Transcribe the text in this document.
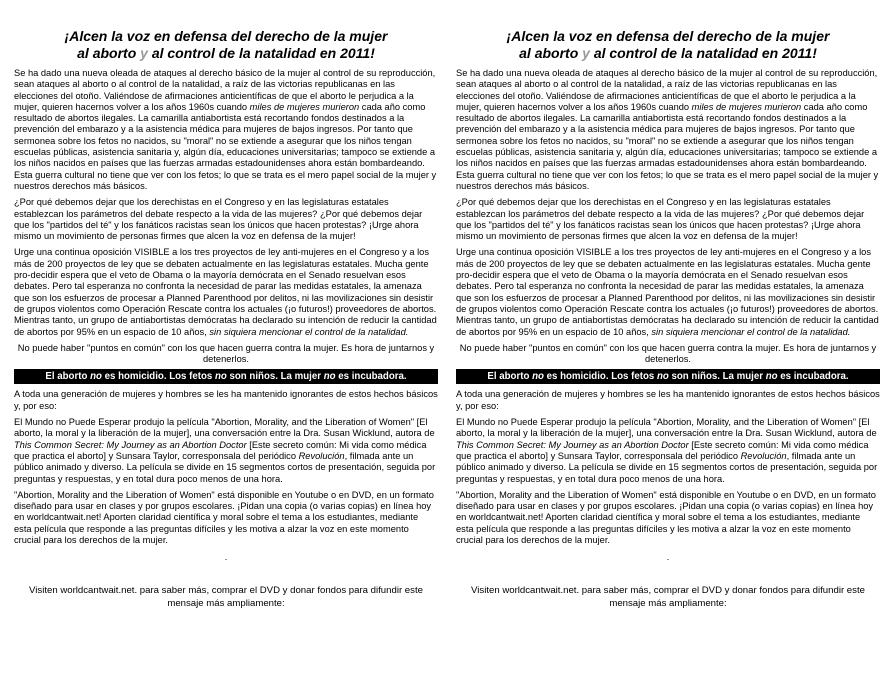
¡Alcen la voz en defensa del derecho de la mujer
al aborto y al control de la natalidad en 2011!

Se ha dado una nueva oleada de ataques al derecho básico de la mujer al control de su reproducción, sean ataques al aborto o al control de la natalidad, a raíz de las victorias republicanas en las elecciones del otoño. Valiéndose de afirmaciones anticientíficas de que el aborto le perjudica a la mujer, quieren hacernos volver a los años 1960s cuando miles de mujeres murieron cada año como resultado de abortos ilegales. La camarilla antiabortista está recortando fondos destinados a la prevención del embarazo y a la asistencia médica para mujeres de bajos ingresos. Por tanto que sermonea sobre los fetos no nacidos, su "moral" no se extiende a asegurar que los niños tengan escuelas públicas, asistencia sanitaria y, algún día, educaciones universitarias; tampoco se extiende a los niños nacidos en países que las fuerzas armadas estadounidenses ahora están bombardeando. Esta guerra cultural no tiene que ver con los fetos; lo que se trata es el mero papel social de la mujer y nuestros derechos más básicos.

¿Por qué debemos dejar que los derechistas en el Congreso y en las legislaturas estatales establezcan los parámetros del debate respecto a la vida de las mujeres? ¿Por qué debemos dejar que los "partidos del té" y los fanáticos racistas sean los únicos que hacen protestas? ¡Urge ahora mismo un movimiento de personas firmes que alcen la voz en defensa de la mujer!

Urge una continua oposición VISIBLE a los tres proyectos de ley anti-mujeres en el Congreso y a los más de 200 proyectos de ley que se debaten actualmente en las legislaturas estatales. Mucha gente pro-decidir espera que el veto de Obama o la mayoría demócrata en el Senado resuelvan esos debates. Pero tal esperanza no confronta la necesidad de parar las medidas estatales, la amenaza que son los esfuerzos de procesar a Planned Parenthood por delitos, ni las movilizaciones sin desistir de grupos violentos como Operación Rescate contra los actuales (¡o futuros!) proveedores de abortos. Mientras tanto, un grupo de antiabortistas demócratas ha declarado su intención de reducir la cantidad de abortos por 95% en un espacio de 10 años, sin siquiera mencionar el control de la natalidad.

No puede haber "puntos en común" con los que hacen guerra contra la mujer. Es hora de juntarnos y detenerlos.

El aborto no es homicidio. Los fetos no son niños. La mujer no es incubadora.

A toda una generación de mujeres y hombres se les ha mantenido ignorantes de estos hechos básicos y, por eso:

El Mundo no Puede Esperar produjo la película "Abortion, Morality, and the Liberation of Women" [El aborto, la moral y la liberación de la mujer], una conversación entre la Dra. Susan Wicklund, autora de This Common Secret: My Journey as an Abortion Doctor [Este secreto común: Mi vida como médica que practica el aborto] y Sunsara Taylor, corresponsala del periódico Revolución, filmada ante un público animado y diverso. La película se divide en 15 segmentos cortos de presentación, seguida por preguntas y respuestas, y en total dura poco menos de una hora.

"Abortion, Morality and the Liberation of Women" está disponible en Youtube o en DVD, en un formato diseñado para usar en clases y por grupos escolares. ¡Pidan una copia (o varias copias) en línea hoy en worldcantwait.net! Aporten claridad científica y moral sobre el tema a los estudiantes, mediante esta película que responde a las preguntas difíciles y les motiva a alzar la voz en este momento crucial para los derechos de la mujer.

.

Visiten worldcantwait.net. para saber más, comprar el DVD y donar fondos para difundir este mensaje más ampliamente:

¡Alcen la voz en defensa del derecho de la mujer
al aborto y al control de la natalidad en 2011!

Se ha dado una nueva oleada de ataques al derecho básico de la mujer al control de su reproducción, sean ataques al aborto o al control de la natalidad, a raíz de las victorias republicanas en las elecciones del otoño. Valiéndose de afirmaciones anticientíficas de que el aborto le perjudica a la mujer, quieren hacernos volver a los años 1960s cuando miles de mujeres murieron cada año como resultado de abortos ilegales. La camarilla antiabortista está recortando fondos destinados a la prevención del embarazo y a la asistencia médica para mujeres de bajos ingresos. Por tanto que sermonea sobre los fetos no nacidos, su "moral" no se extiende a asegurar que los niños tengan escuelas públicas, asistencia sanitaria y, algún día, educaciones universitarias; tampoco se extiende a los niños nacidos en países que las fuerzas armadas estadounidenses ahora están bombardeando. Esta guerra cultural no tiene que ver con los fetos; lo que se trata es el mero papel social de la mujer y nuestros derechos más básicos.

¿Por qué debemos dejar que los derechistas en el Congreso y en las legislaturas estatales establezcan los parámetros del debate respecto a la vida de las mujeres? ¿Por qué debemos dejar que los "partidos del té" y los fanáticos racistas sean los únicos que hacen protestas? ¡Urge ahora mismo un movimiento de personas firmes que alcen la voz en defensa de la mujer!

Urge una continua oposición VISIBLE a los tres proyectos de ley anti-mujeres en el Congreso y a los más de 200 proyectos de ley que se debaten actualmente en las legislaturas estatales. Mucha gente pro-decidir espera que el veto de Obama o la mayoría demócrata en el Senado resuelvan esos debates. Pero tal esperanza no confronta la necesidad de parar las medidas estatales, la amenaza que son los esfuerzos de procesar a Planned Parenthood por delitos, ni las movilizaciones sin desistir de grupos violentos como Operación Rescate contra los actuales (¡o futuros!) proveedores de abortos. Mientras tanto, un grupo de antiabortistas demócratas ha declarado su intención de reducir la cantidad de abortos por 95% en un espacio de 10 años, sin siquiera mencionar el control de la natalidad.

No puede haber "puntos en común" con los que hacen guerra contra la mujer. Es hora de juntarnos y detenerlos.

El aborto no es homicidio. Los fetos no son niños. La mujer no es incubadora.

A toda una generación de mujeres y hombres se les ha mantenido ignorantes de estos hechos básicos y, por eso:

El Mundo no Puede Esperar produjo la película "Abortion, Morality, and the Liberation of Women" [El aborto, la moral y la liberación de la mujer], una conversación entre la Dra. Susan Wicklund, autora de This Common Secret: My Journey as an Abortion Doctor [Este secreto común: Mi vida como médica que practica el aborto] y Sunsara Taylor, corresponsala del periódico Revolución, filmada ante un público animado y diverso. La película se divide en 15 segmentos cortos de presentación, seguida por preguntas y respuestas, y en total dura poco menos de una hora.

"Abortion, Morality and the Liberation of Women" está disponible en Youtube o en DVD, en un formato diseñado para usar en clases y por grupos escolares. ¡Pidan una copia (o varias copias) en línea hoy en worldcantwait.net! Aporten claridad científica y moral sobre el tema a los estudiantes, mediante esta película que responde a las preguntas difíciles y les motiva a alzar la voz en este momento crucial para los derechos de la mujer.

.

Visiten worldcantwait.net. para saber más, comprar el DVD y donar fondos para difundir este mensaje más ampliamente:
